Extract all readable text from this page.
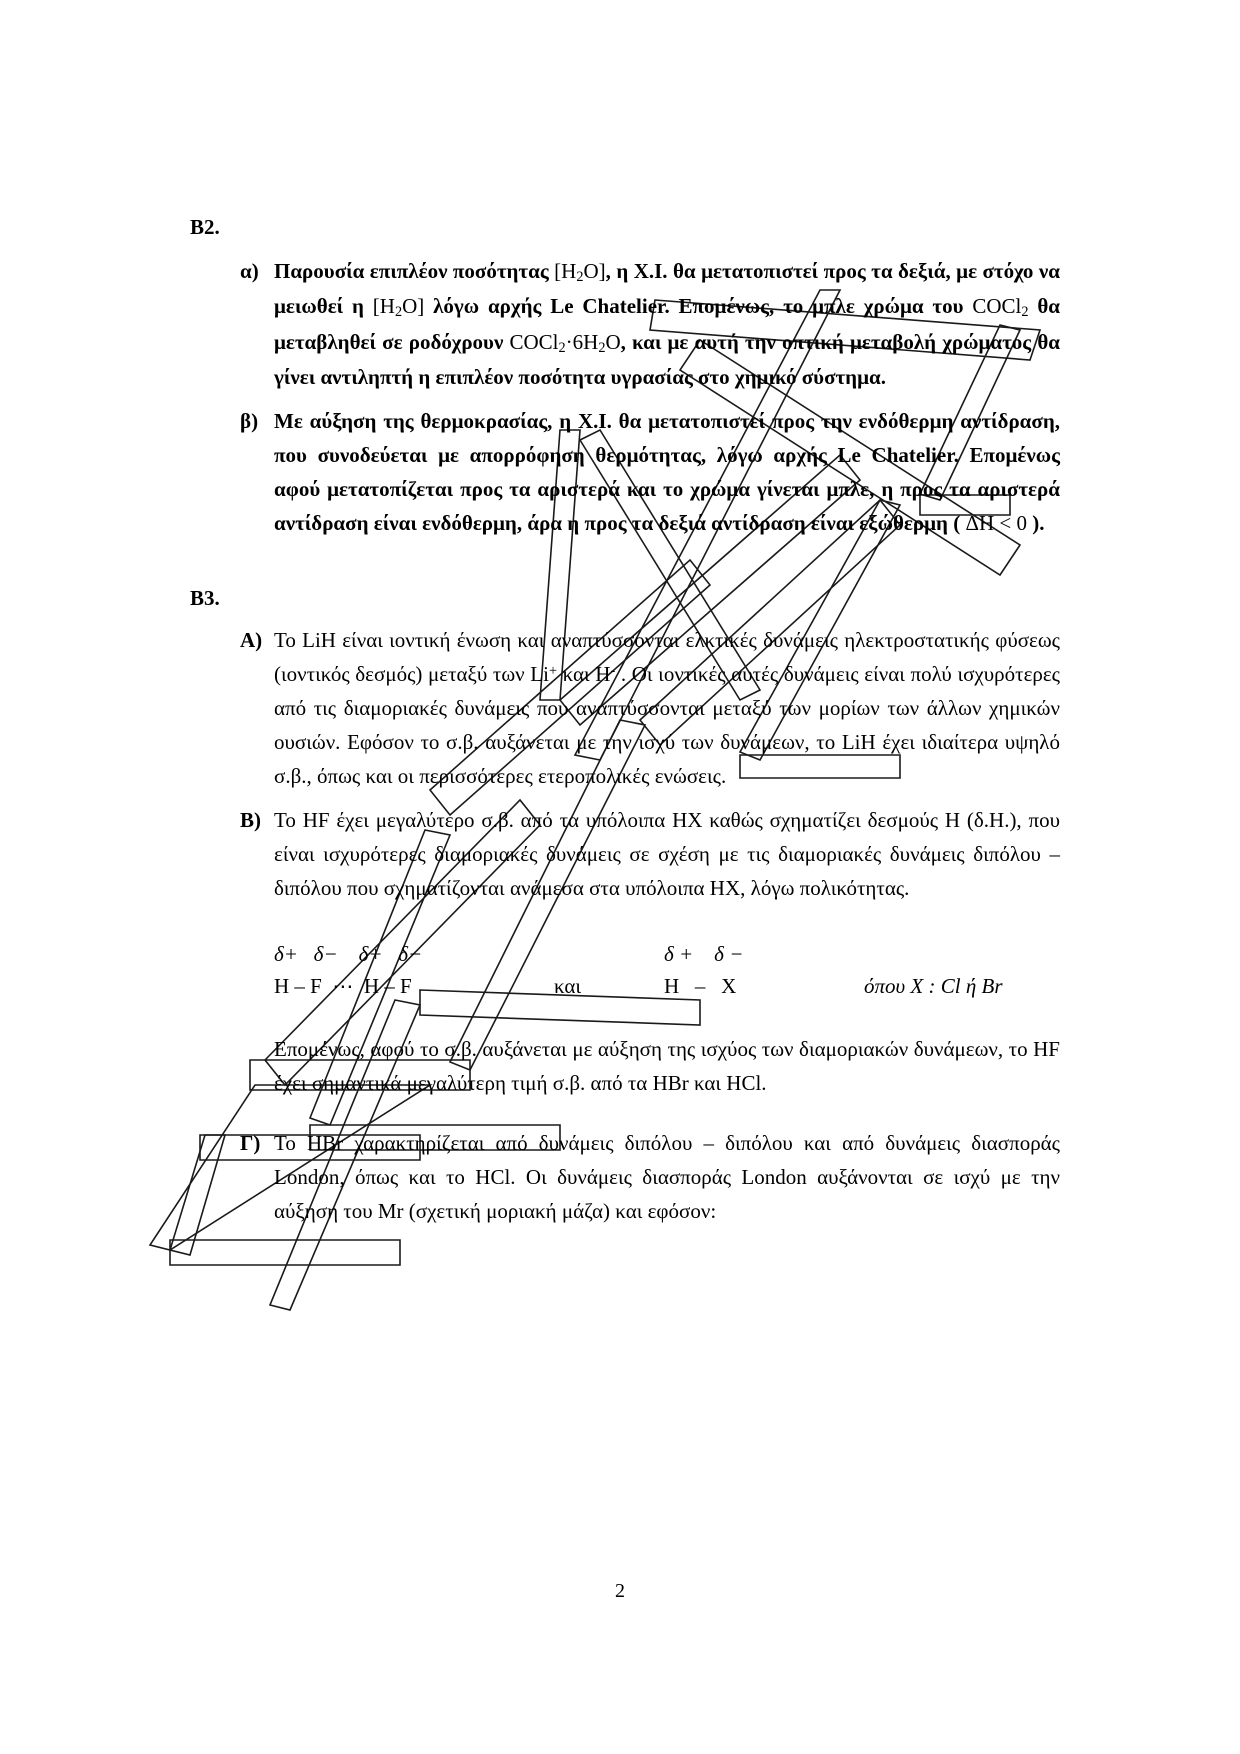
B2.
α) Παρουσία επιπλέον ποσότητας $[H_2O]$, η Χ.Ι. θα μετατοπιστεί προς τα δεξιά, με στόχο να μειωθεί η $[H_2O]$ λόγω αρχής Le Chatelier. Επομένως, το μπλε χρώμα του COCl$_2$ θα μεταβληθεί σε ροδόχρουν $COCl_2\cdot 6H_2O$, και με αυτή την οπτική μεταβολή χρώματος θα γίνει αντιληπτή η επιπλέον ποσότητα υγρασίας στο χημικό σύστημα.
β) Με αύξηση της θερμοκρασίας, η Χ.Ι. θα μετατοπιστεί προς την ενδόθερμη αντίδραση, που συνοδεύεται με απορρόφηση θερμότητας, λόγω αρχής Le Chatelier. Επομένως αφού μετατοπίζεται προς τα αριστερά και το χρώμα γίνεται μπλε, η προς τα αριστερά αντίδραση είναι ενδόθερμη, άρα η προς τα δεξιά αντίδραση είναι εξώθερμη ( ΔΗ < 0 ).
B3.
A) Το LiH είναι ιοντική ένωση και αναπτύσσονται ελκτικές δυνάμεις ηλεκτροστατικής φύσεως (ιοντικός δεσμός) μεταξύ των Li+ και H- . Οι ιοντικές αυτές δυνάμεις είναι πολύ ισχυρότερες από τις διαμοριακές δυνάμεις που αναπτύσσονται μεταξύ των μορίων των άλλων χημικών ουσιών. Εφόσον το σ.β. αυξάνεται με την ισχύ των δυνάμεων, το LiH έχει ιδιαίτερα υψηλό σ.β., όπως και οι περισσότερες ετεροπολικές ενώσεις.
B) Το HF έχει μεγαλύτερο σ.β. από τα υπόλοιπα ΗΧ καθώς σχηματίζει δεσμούς Η (δ.Η.), που είναι ισχυρότερες διαμοριακές δυνάμεις σε σχέση με τις διαμοριακές δυνάμεις διπόλου – διπόλου που σχηματίζονται ανάμεσα στα υπόλοιπα ΗΧ, λόγω πολικότητας.
δ+   δ−    δ+   δ−	δ +    δ −
H – F  ⋯  H – F	και	H   –   X	όπου X : Cl ή Br
Επομένως, αφού το σ.β. αυξάνεται με αύξηση της ισχύος των διαμοριακών δυνάμεων, το HF έχει σημαντικά μεγαλύτερη τιμή σ.β. από τα HBr και HCl.
Γ) Το HBr χαρακτηρίζεται από δυνάμεις διπόλου – διπόλου και από δυνάμεις διασποράς London, όπως και το HCl. Οι δυνάμεις διασποράς London αυξάνονται σε ισχύ με την αύξηση του Mr (σχετική μοριακή μάζα) και εφόσον:
2
